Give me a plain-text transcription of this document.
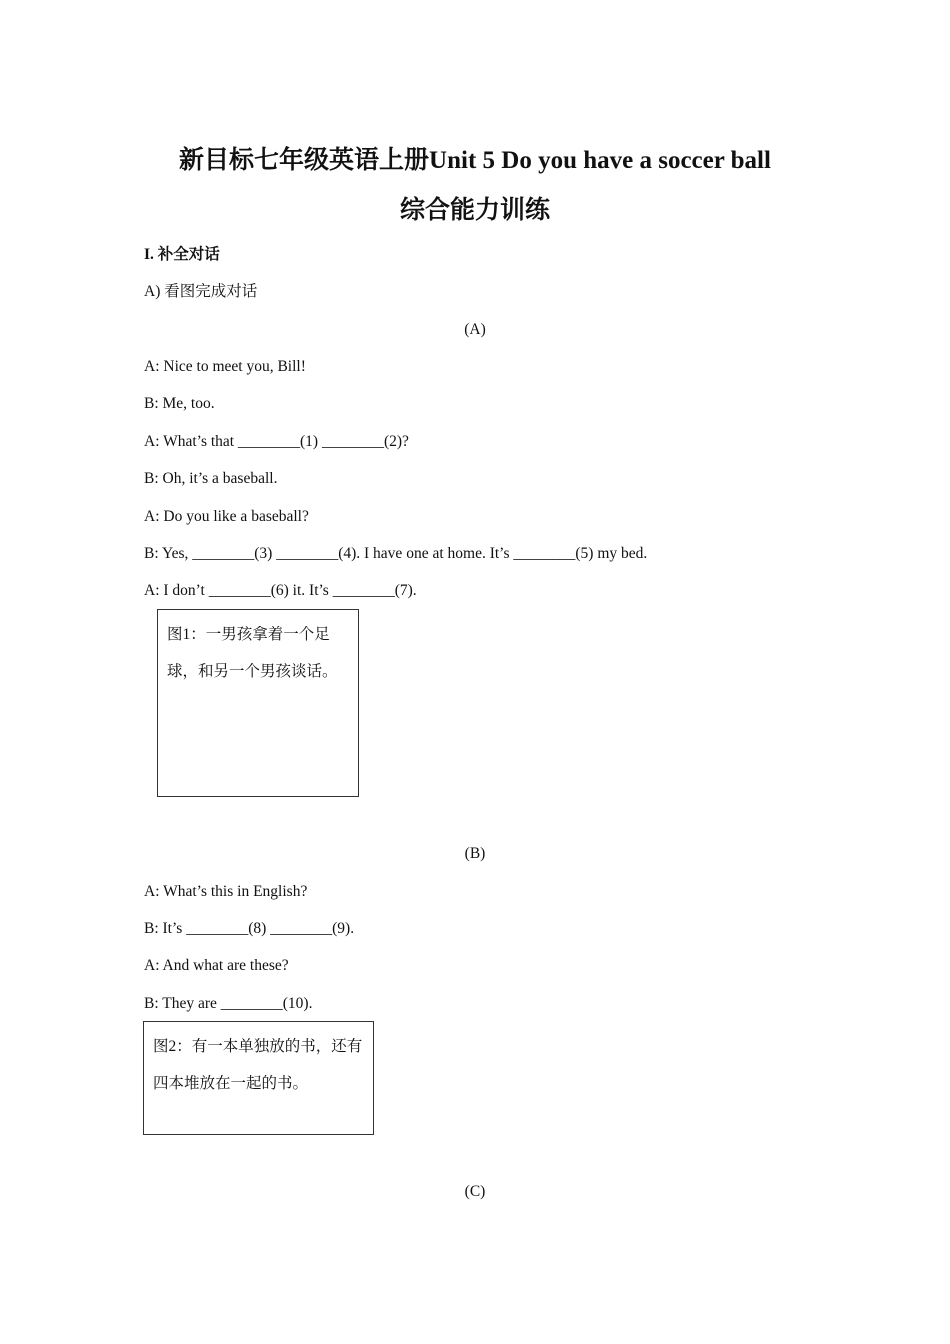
新目标七年级英语上册Unit 5 Do you have a soccer ball
综合能力训练
I. 补全对话
A) 看图完成对话
(A)
A: Nice to meet you, Bill!
B: Me, too.
A: What’s that ________(1) ________(2)?
B: Oh, it’s a baseball.
A: Do you like a baseball?
B: Yes, ________(3) ________(4). I have one at home. It’s ________(5) my bed.
A: I don’t ________(6) it. It’s ________(7).
图1：一男孩拿着一个足球，和另一个男孩谈话。
(B)
A: What’s this in English?
B: It’s ________(8) ________(9).
A: And what are these?
B: They are ________(10).
图2：有一本单独放的书，还有四本堆放在一起的书。
(C)
